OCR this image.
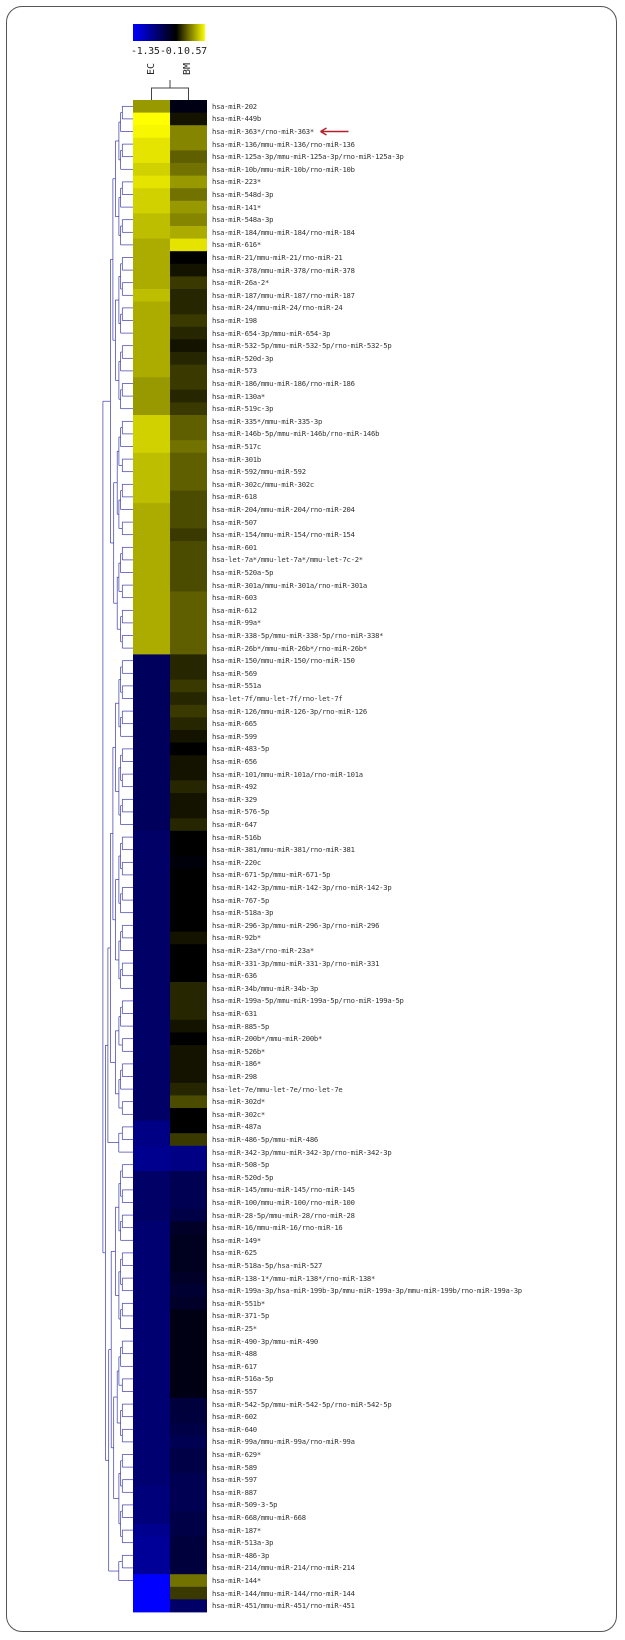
-1.35 -0.1 0.57
EC	BM
hsa-miR-202
hsa-miR-449b
hsa-miR-363*/rno-miR-363*
hsa-miR-136/mmu-miR-136/rno-miR-136
hsa-miR-125a-3p/mmu-miR-125a-3p/rno-miR-125a-3p
hsa-miR-10b/mmu-miR-10b/rno-miR-10b
hsa-miR-223*
hsa-miR-548d-3p
hsa-miR-141*
hsa-miR-548a-3p
hsa-miR-184/mmu-miR-184/rno-miR-184
hsa-miR-616*
hsa-miR-21/mmu-miR-21/rno-miR-21
hsa-miR-378/mmu-miR-378/rno-miR-378
hsa-miR-26a-2*
hsa-miR-187/mmu-miR-187/rno-miR-187
hsa-miR-24/mmu-miR-24/rno-miR-24
hsa-miR-198
hsa-miR-654-3p/mmu-miR-654-3p
hsa-miR-532-5p/mmu-miR-532-5p/rno-miR-532-5p
hsa-miR-520d-3p
hsa-miR-573
hsa-miR-186/mmu-miR-186/rno-miR-186
hsa-miR-130a*
hsa-miR-519c-3p
hsa-miR-335*/mmu-miR-335-3p
hsa-miR-146b-5p/mmu-miR-146b/rno-miR-146b
hsa-miR-517c
hsa-miR-301b
hsa-miR-592/mmu-miR-592
hsa-miR-302c/mmu-miR-302c
hsa-miR-618
hsa-miR-204/mmu-miR-204/rno-miR-204
hsa-miR-507
hsa-miR-154/mmu-miR-154/rno-miR-154
hsa-miR-601
hsa-let-7a*/mmu-let-7a*/mmu-let-7c-2*
hsa-miR-520a-5p
hsa-miR-301a/mmu-miR-301a/rno-miR-301a
hsa-miR-603
hsa-miR-612
hsa-miR-99a*
hsa-miR-338-5p/mmu-miR-338-5p/rno-miR-338*
hsa-miR-26b*/mmu-miR-26b*/rno-miR-26b*
hsa-miR-150/mmu-miR-150/rno-miR-150
hsa-miR-569
hsa-miR-551a
hsa-let-7f/mmu-let-7f/rno-let-7f
hsa-miR-126/mmu-miR-126-3p/rno-miR-126
hsa-miR-665
hsa-miR-599
hsa-miR-483-5p
hsa-miR-656
hsa-miR-101/mmu-miR-101a/rno-miR-101a
hsa-miR-492
hsa-miR-329
hsa-miR-576-5p
hsa-miR-647
hsa-miR-516b
hsa-miR-381/mmu-miR-381/rno-miR-381
hsa-miR-220c
hsa-miR-671-5p/mmu-miR-671-5p
hsa-miR-142-3p/mmu-miR-142-3p/rno-miR-142-3p
hsa-miR-767-5p
hsa-miR-518a-3p
hsa-miR-296-3p/mmu-miR-296-3p/rno-miR-296
hsa-miR-92b*
hsa-miR-23a*/rno-miR-23a*
hsa-miR-331-3p/mmu-miR-331-3p/rno-miR-331
hsa-miR-636
hsa-miR-34b/mmu-miR-34b-3p
hsa-miR-199a-5p/mmu-miR-199a-5p/rno-miR-199a-5p
hsa-miR-631
hsa-miR-885-5p
hsa-miR-200b*/mmu-miR-200b*
hsa-miR-526b*
hsa-miR-186*
hsa-miR-298
hsa-let-7e/mmu-let-7e/rno-let-7e
hsa-miR-302d*
hsa-miR-302c*
hsa-miR-487a
hsa-miR-486-5p/mmu-miR-486
hsa-miR-342-3p/mmu-miR-342-3p/rno-miR-342-3p
hsa-miR-508-5p
hsa-miR-520d-5p
hsa-miR-145/mmu-miR-145/rno-miR-145
hsa-miR-100/mmu-miR-100/rno-miR-100
hsa-miR-28-5p/mmu-miR-28/rno-miR-28
hsa-miR-16/mmu-miR-16/rno-miR-16
hsa-miR-149*
hsa-miR-625
hsa-miR-518a-5p/hsa-miR-527
hsa-miR-138-1*/mmu-miR-138*/rno-miR-138*
hsa-miR-199a-3p/hsa-miR-199b-3p/mmu-miR-199a-3p/mmu-miR-199b/rno-miR-199a-3p
hsa-miR-551b*
hsa-miR-371-5p
hsa-miR-25*
hsa-miR-490-3p/mmu-miR-490
hsa-miR-488
hsa-miR-617
hsa-miR-516a-5p
hsa-miR-557
hsa-miR-542-5p/mmu-miR-542-5p/rno-miR-542-5p
hsa-miR-602
hsa-miR-640
hsa-miR-99a/mmu-miR-99a/rno-miR-99a
hsa-miR-629*
hsa-miR-589
hsa-miR-597
hsa-miR-887
hsa-miR-509-3-5p
hsa-miR-668/mmu-miR-668
hsa-miR-187*
hsa-miR-513a-3p
hsa-miR-486-3p
hsa-miR-214/mmu-miR-214/rno-miR-214
hsa-miR-144*
hsa-miR-144/mmu-miR-144/rno-miR-144
hsa-miR-451/mmu-miR-451/rno-miR-451
